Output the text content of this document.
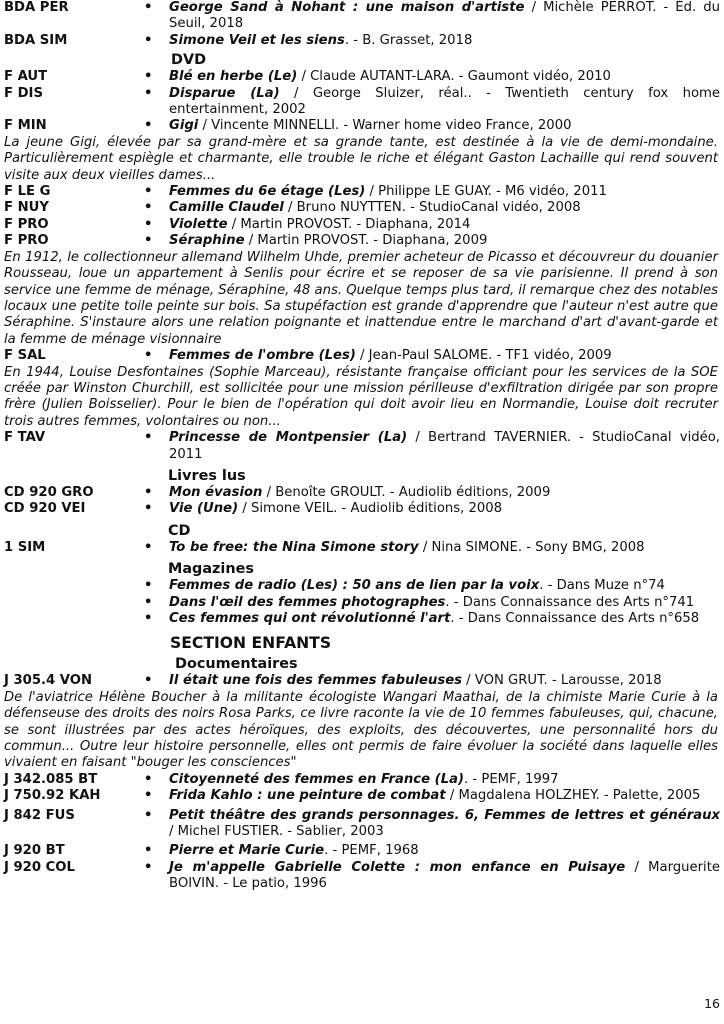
BDA PER	• George Sand à Nohant : une maison d'artiste / Michèle PERROT. - Éd. du Seuil, 2018
BDA SIM	• Simone Veil et les siens. - B. Grasset, 2018
DVD
F AUT	• Blé en herbe (Le) / Claude AUTANT-LARA. - Gaumont vidéo, 2010
F DIS	• Disparue (La) / George Sluizer, réal.. - Twentieth century fox home entertainment, 2002
F MIN	• Gigi / Vincente MINNELLI. - Warner home video France, 2000
La jeune Gigi, élevée par sa grand-mère et sa grande tante, est destinée à la vie de demi-mondaine. Particulièrement espiègle et charmante, elle trouble le riche et élégant Gaston Lachaille qui rend souvent visite aux deux vieilles dames...
F LE G	• Femmes du 6e étage (Les) / Philippe LE GUAY. - M6 vidéo, 2011
F NUY	• Camille Claudel / Bruno NUYTTEN. - StudioCanal vidéo, 2008
F PRO	• Violette / Martin PROVOST. - Diaphana, 2014
F PRO	• Séraphine / Martin PROVOST. - Diaphana, 2009
En 1912, le collectionneur allemand Wilhelm Uhde, premier acheteur de Picasso et découvreur du douanier Rousseau, loue un appartement à Senlis pour écrire et se reposer de sa vie parisienne. Il prend à son service une femme de ménage, Séraphine, 48 ans. Quelque temps plus tard, il remarque chez des notables locaux une petite toile peinte sur bois. Sa stupéfaction est grande d'apprendre que l'auteur n'est autre que Séraphine. S'instaure alors une relation poignante et inattendue entre le marchand d'art d'avant-garde et la femme de ménage visionnaire
F SAL	• Femmes de l'ombre (Les) / Jean-Paul SALOME. - TF1 vidéo, 2009
En 1944, Louise Desfontaines (Sophie Marceau), résistante française officiant pour les services de la SOE créée par Winston Churchill, est sollicitée pour une mission périlleuse d'exfiltration dirigée par son propre frère (Julien Boisselier). Pour le bien de l'opération qui doit avoir lieu en Normandie, Louise doit recruter trois autres femmes, volontaires ou non...
F TAV	• Princesse de Montpensier (La) / Bertrand TAVERNIER. - StudioCanal vidéo, 2011
Livres lus
CD 920 GRO	• Mon évasion / Benoîte GROULT. - Audiolib éditions, 2009
CD 920 VEI	• Vie (Une) / Simone VEIL. - Audiolib éditions, 2008
CD
1 SIM	• To be free: the Nina Simone story / Nina SIMONE. - Sony BMG, 2008
Magazines
• Femmes de radio (Les) : 50 ans de lien par la voix. - Dans Muze n°74
• Dans l'œil des femmes photographes. - Dans Connaissance des Arts n°741
• Ces femmes qui ont révolutionné l'art. - Dans Connaissance des Arts n°658
SECTION ENFANTS
Documentaires
J 305.4 VON	• Il était une fois des femmes fabuleuses / VON GRUT. - Larousse, 2018
De l'aviatrice Hélène Boucher à la militante écologiste Wangari Maathai, de la chimiste Marie Curie à la défenseuse des droits des noirs Rosa Parks, ce livre raconte la vie de 10 femmes fabuleuses, qui, chacune, se sont illustrées par des actes héroïques, des exploits, des découvertes, une personnalité hors du commun... Outre leur histoire personnelle, elles ont permis de faire évoluer la société dans laquelle elles vivaient en faisant "bouger les consciences"
J 342.085 BT	• Citoyenneté des femmes en France (La). - PEMF, 1997
J 750.92 KAH	• Frida Kahlo : une peinture de combat / Magdalena HOLZHEY. - Palette, 2005
J 842 FUS	• Petit théâtre des grands personnages. 6, Femmes de lettres et généraux / Michel FUSTIER. - Sablier, 2003
J 920 BT	• Pierre et Marie Curie. - PEMF, 1968
J 920 COL	• Je m'appelle Gabrielle Colette : mon enfance en Puisaye / Marguerite BOIVIN. - Le patio, 1996
16
